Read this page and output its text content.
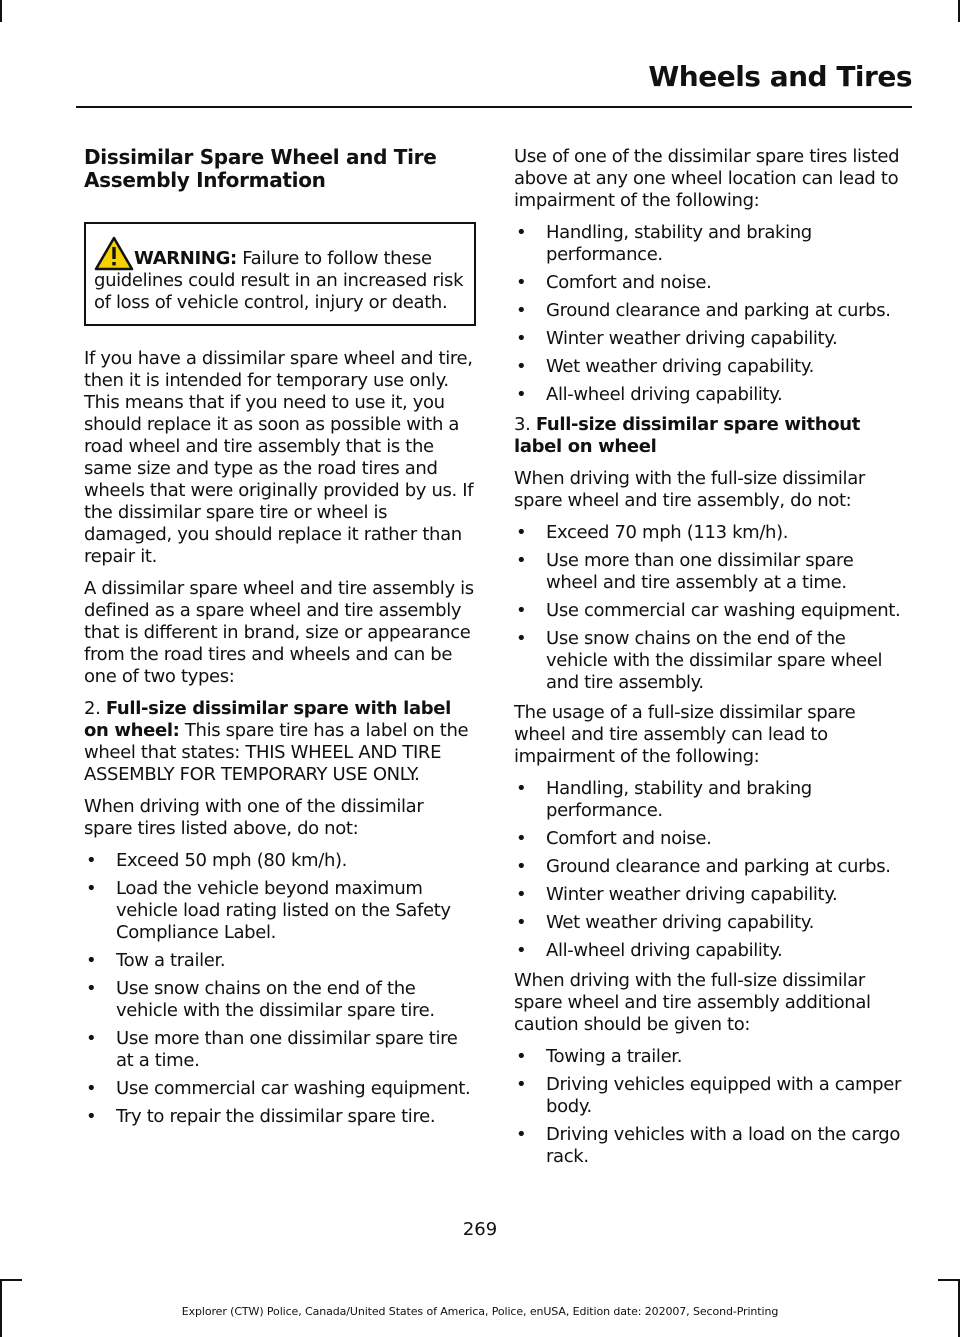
Wheels and Tires
Dissimilar Spare Wheel and Tire Assembly Information

WARNING: Failure to follow these guidelines could result in an increased risk of loss of vehicle control, injury or death.

If you have a dissimilar spare wheel and tire, then it is intended for temporary use only. This means that if you need to use it, you should replace it as soon as possible with a road wheel and tire assembly that is the same size and type as the road tires and wheels that were originally provided by us. If the dissimilar spare tire or wheel is damaged, you should replace it rather than repair it.

A dissimilar spare wheel and tire assembly is defined as a spare wheel and tire assembly that is different in brand, size or appearance from the road tires and wheels and can be one of two types:

2. Full-size dissimilar spare with label on wheel: This spare tire has a label on the wheel that states: THIS WHEEL AND TIRE ASSEMBLY FOR TEMPORARY USE ONLY.

When driving with one of the dissimilar spare tires listed above, do not:

• Exceed 50 mph (80 km/h).
• Load the vehicle beyond maximum vehicle load rating listed on the Safety Compliance Label.
• Tow a trailer.
• Use snow chains on the end of the vehicle with the dissimilar spare tire.
• Use more than one dissimilar spare tire at a time.
• Use commercial car washing equipment.
• Try to repair the dissimilar spare tire.

Use of one of the dissimilar spare tires listed above at any one wheel location can lead to impairment of the following:

• Handling, stability and braking performance.
• Comfort and noise.
• Ground clearance and parking at curbs.
• Winter weather driving capability.
• Wet weather driving capability.
• All-wheel driving capability.

3. Full-size dissimilar spare without label on wheel

When driving with the full-size dissimilar spare wheel and tire assembly, do not:

• Exceed 70 mph (113 km/h).
• Use more than one dissimilar spare wheel and tire assembly at a time.
• Use commercial car washing equipment.
• Use snow chains on the end of the vehicle with the dissimilar spare wheel and tire assembly.

The usage of a full-size dissimilar spare wheel and tire assembly can lead to impairment of the following:

• Handling, stability and braking performance.
• Comfort and noise.
• Ground clearance and parking at curbs.
• Winter weather driving capability.
• Wet weather driving capability.
• All-wheel driving capability.

When driving with the full-size dissimilar spare wheel and tire assembly additional caution should be given to:

• Towing a trailer.
• Driving vehicles equipped with a camper body.
• Driving vehicles with a load on the cargo rack.
269
Explorer (CTW) Police, Canada/United States of America, Police, enUSA, Edition date: 202007, Second-Printing
